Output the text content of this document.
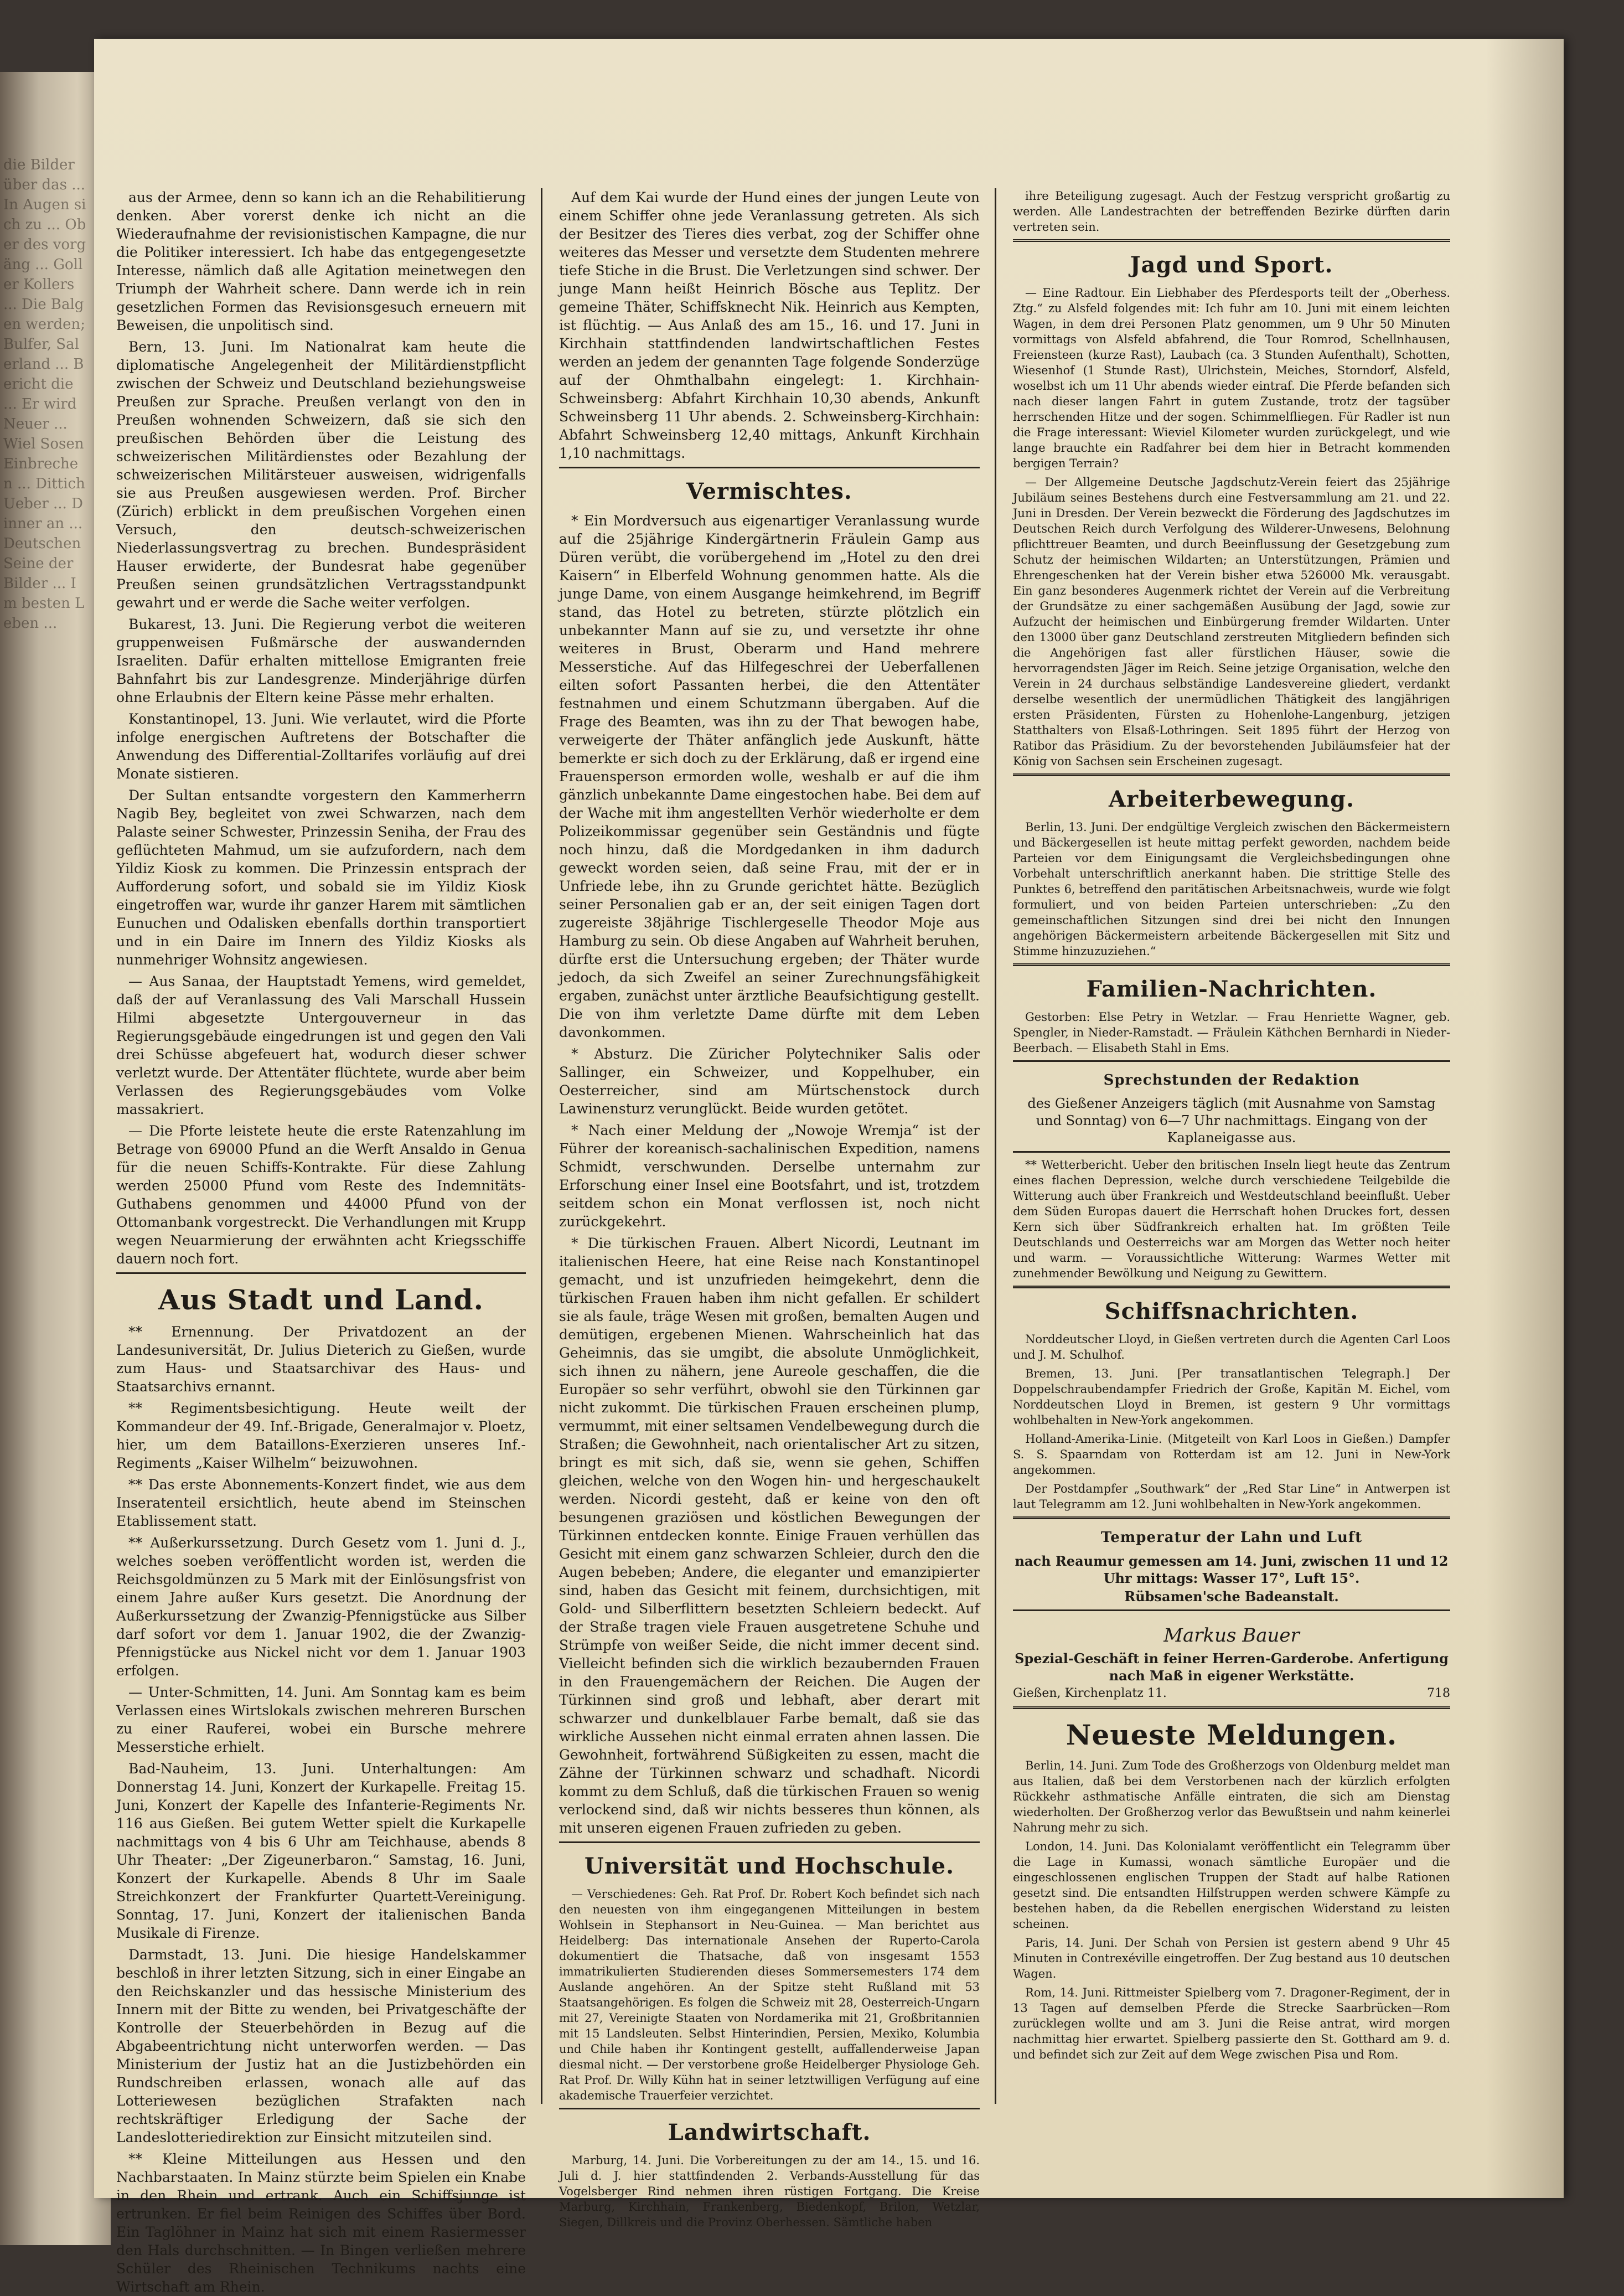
die Bilder über das ... In Augen sich zu ... Ober des vorgäng ... Goller Kollers ... Die Balgen werden; Bulfer, Salerland ... Bericht die ... Er wird Neuer ... Wiel Sosen Einbrechen ... Dittich Ueber ... Dinner an ... Deutschen Seine der Bilder ... Im besten Leben ...

aus der Armee, denn so kann ich an die Rehabilitierung denken. Aber vorerst denke ich nicht an die Wiederaufnahme der revisionistischen Kampagne, die nur die Politiker interessiert. Ich habe das entgegengesetzte Interesse, nämlich daß alle Agitation meinetwegen den Triumph der Wahrheit schere. Dann werde ich in rein gesetzlichen Formen das Revisionsgesuch erneuern mit Beweisen, die unpolitisch sind.

Bern, 13. Juni. Im Nationalrat kam heute die diplomatische Angelegenheit der Militärdienstpflicht zwischen der Schweiz und Deutschland beziehungsweise Preußen zur Sprache. Preußen verlangt von den in Preußen wohnenden Schweizern, daß sie sich den preußischen Behörden über die Leistung des schweizerischen Militärdienstes oder Bezahlung der schweizerischen Militärsteuer ausweisen, widrigenfalls sie aus Preußen ausgewiesen werden. Prof. Bircher (Zürich) erblickt in dem preußischen Vorgehen einen Versuch, den deutsch-schweizerischen Niederlassungsvertrag zu brechen. Bundespräsident Hauser erwiderte, der Bundesrat habe gegenüber Preußen seinen grundsätzlichen Vertragsstandpunkt gewahrt und er werde die Sache weiter verfolgen.

Bukarest, 13. Juni. Die Regierung verbot die weiteren gruppenweisen Fußmärsche der auswandernden Israeliten. Dafür erhalten mittellose Emigranten freie Bahnfahrt bis zur Landesgrenze. Minderjährige dürfen ohne Erlaubnis der Eltern keine Pässe mehr erhalten.

Konstantinopel, 13. Juni. Wie verlautet, wird die Pforte infolge energischen Auftretens der Botschafter die Anwendung des Differential-Zolltarifes vorläufig auf drei Monate sistieren.

Der Sultan entsandte vorgestern den Kammerherrn Nagib Bey, begleitet von zwei Schwarzen, nach dem Palaste seiner Schwester, Prinzessin Seniha, der Frau des geflüchteten Mahmud, um sie aufzufordern, nach dem Yildiz Kiosk zu kommen. Die Prinzessin entsprach der Aufforderung sofort, und sobald sie im Yildiz Kiosk eingetroffen war, wurde ihr ganzer Harem mit sämtlichen Eunuchen und Odalisken ebenfalls dorthin transportiert und in ein Daire im Innern des Yildiz Kiosks als nunmehriger Wohnsitz angewiesen.

— Aus Sanaa, der Hauptstadt Yemens, wird gemeldet, daß der auf Veranlassung des Vali Marschall Hussein Hilmi abgesetzte Untergouverneur in das Regierungsgebäude eingedrungen ist und gegen den Vali drei Schüsse abgefeuert hat, wodurch dieser schwer verletzt wurde. Der Attentäter flüchtete, wurde aber beim Verlassen des Regierungsgebäudes vom Volke massakriert.

— Die Pforte leistete heute die erste Ratenzahlung im Betrage von 69000 Pfund an die Werft Ansaldo in Genua für die neuen Schiffs-Kontrakte. Für diese Zahlung werden 25000 Pfund vom Reste des Indemnitäts-Guthabens genommen und 44000 Pfund von der Ottomanbank vorgestreckt. Die Verhandlungen mit Krupp wegen Neuarmierung der erwähnten acht Kriegsschiffe dauern noch fort.

Aus Stadt und Land.

** Ernennung. Der Privatdozent an der Landesuniversität, Dr. Julius Dieterich zu Gießen, wurde zum Haus- und Staatsarchivar des Haus- und Staatsarchivs ernannt.

** Regimentsbesichtigung. Heute weilt der Kommandeur der 49. Inf.-Brigade, Generalmajor v. Ploetz, hier, um dem Bataillons-Exerzieren unseres Inf.-Regiments „Kaiser Wilhelm“ beizuwohnen.

** Das erste Abonnements-Konzert findet, wie aus dem Inseratenteil ersichtlich, heute abend im Steinschen Etablissement statt.

** Außerkurssetzung. Durch Gesetz vom 1. Juni d. J., welches soeben veröffentlicht worden ist, werden die Reichsgoldmünzen zu 5 Mark mit der Einlösungsfrist von einem Jahre außer Kurs gesetzt. Die Anordnung der Außerkurssetzung der Zwanzig-Pfennigstücke aus Silber darf sofort vor dem 1. Januar 1902, die der Zwanzig-Pfennigstücke aus Nickel nicht vor dem 1. Januar 1903 erfolgen.

— Unter-Schmitten, 14. Juni. Am Sonntag kam es beim Verlassen eines Wirtslokals zwischen mehreren Burschen zu einer Rauferei, wobei ein Bursche mehrere Messerstiche erhielt.

Bad-Nauheim, 13. Juni. Unterhaltungen: Am Donnerstag 14. Juni, Konzert der Kurkapelle. Freitag 15. Juni, Konzert der Kapelle des Infanterie-Regiments Nr. 116 aus Gießen. Bei gutem Wetter spielt die Kurkapelle nachmittags von 4 bis 6 Uhr am Teichhause, abends 8 Uhr Theater: „Der Zigeunerbaron.“ Samstag, 16. Juni, Konzert der Kurkapelle. Abends 8 Uhr im Saale Streichkonzert der Frankfurter Quartett-Vereinigung. Sonntag, 17. Juni, Konzert der italienischen Banda Musikale di Firenze.

Darmstadt, 13. Juni. Die hiesige Handelskammer beschloß in ihrer letzten Sitzung, sich in einer Eingabe an den Reichskanzler und das hessische Ministerium des Innern mit der Bitte zu wenden, bei Privatgeschäfte der Kontrolle der Steuerbehörden in Bezug auf die Abgabeentrichtung nicht unterworfen werden. — Das Ministerium der Justiz hat an die Justizbehörden ein Rundschreiben erlassen, wonach alle auf das Lotteriewesen bezüglichen Strafakten nach rechtskräftiger Erledigung der Sache der Landeslotteriedirektion zur Einsicht mitzuteilen sind.

** Kleine Mitteilungen aus Hessen und den Nachbarstaaten. In Mainz stürzte beim Spielen ein Knabe in den Rhein und ertrank. Auch ein Schiffsjunge ist ertrunken. Er fiel beim Reinigen des Schiffes über Bord. Ein Taglöhner in Mainz hat sich mit einem Rasiermesser den Hals durchschnitten. — In Bingen verließen mehrere Schüler des Rheinischen Technikums nachts eine Wirtschaft am Rhein.

Auf dem Kai wurde der Hund eines der jungen Leute von einem Schiffer ohne jede Veranlassung getreten. Als sich der Besitzer des Tieres dies verbat, zog der Schiffer ohne weiteres das Messer und versetzte dem Studenten mehrere tiefe Stiche in die Brust. Die Verletzungen sind schwer. Der junge Mann heißt Heinrich Bösche aus Teplitz. Der gemeine Thäter, Schiffsknecht Nik. Heinrich aus Kempten, ist flüchtig. — Aus Anlaß des am 15., 16. und 17. Juni in Kirchhain stattfindenden landwirtschaftlichen Festes werden an jedem der genannten Tage folgende Sonderzüge auf der Ohmthalbahn eingelegt: 1. Kirchhain-Schweinsberg: Abfahrt Kirchhain 10,30 abends, Ankunft Schweinsberg 11 Uhr abends. 2. Schweinsberg-Kirchhain: Abfahrt Schweinsberg 12,40 mittags, Ankunft Kirchhain 1,10 nachmittags.

Vermischtes.

* Ein Mordversuch aus eigenartiger Veranlassung wurde auf die 25jährige Kindergärtnerin Fräulein Gamp aus Düren verübt, die vorübergehend im „Hotel zu den drei Kaisern“ in Elberfeld Wohnung genommen hatte. Als die junge Dame, von einem Ausgange heimkehrend, im Begriff stand, das Hotel zu betreten, stürzte plötzlich ein unbekannter Mann auf sie zu, und versetzte ihr ohne weiteres in Brust, Oberarm und Hand mehrere Messerstiche. Auf das Hilfegeschrei der Ueberfallenen eilten sofort Passanten herbei, die den Attentäter festnahmen und einem Schutzmann übergaben. Auf die Frage des Beamten, was ihn zu der That bewogen habe, verweigerte der Thäter anfänglich jede Auskunft, hätte bemerkte er sich doch zu der Erklärung, daß er irgend eine Frauensperson ermorden wolle, weshalb er auf die ihm gänzlich unbekannte Dame eingestochen habe. Bei dem auf der Wache mit ihm angestellten Verhör wiederholte er dem Polizeikommissar gegenüber sein Geständnis und fügte noch hinzu, daß die Mordgedanken in ihm dadurch geweckt worden seien, daß seine Frau, mit der er in Unfriede lebe, ihn zu Grunde gerichtet hätte. Bezüglich seiner Personalien gab er an, der seit einigen Tagen dort zugereiste 38jährige Tischlergeselle Theodor Moje aus Hamburg zu sein. Ob diese Angaben auf Wahrheit beruhen, dürfte erst die Untersuchung ergeben; der Thäter wurde jedoch, da sich Zweifel an seiner Zurechnungsfähigkeit ergaben, zunächst unter ärztliche Beaufsichtigung gestellt. Die von ihm verletzte Dame dürfte mit dem Leben davonkommen.

* Absturz. Die Züricher Polytechniker Salis oder Sallinger, ein Schweizer, und Koppelhuber, ein Oesterreicher, sind am Mürtschenstock durch Lawinensturz verunglückt. Beide wurden getötet.

* Nach einer Meldung der „Nowoje Wremja“ ist der Führer der koreanisch-sachalinischen Expedition, namens Schmidt, verschwunden. Derselbe unternahm zur Erforschung einer Insel eine Bootsfahrt, und ist, trotzdem seitdem schon ein Monat verflossen ist, noch nicht zurückgekehrt.

* Die türkischen Frauen. Albert Nicordi, Leutnant im italienischen Heere, hat eine Reise nach Konstantinopel gemacht, und ist unzufrieden heimgekehrt, denn die türkischen Frauen haben ihm nicht gefallen. Er schildert sie als faule, träge Wesen mit großen, bemalten Augen und demütigen, ergebenen Mienen. Wahrscheinlich hat das Geheimnis, das sie umgibt, die absolute Unmöglichkeit, sich ihnen zu nähern, jene Aureole geschaffen, die die Europäer so sehr verführt, obwohl sie den Türkinnen gar nicht zukommt. Die türkischen Frauen erscheinen plump, vermummt, mit einer seltsamen Vendelbewegung durch die Straßen; die Gewohnheit, nach orientalischer Art zu sitzen, bringt es mit sich, daß sie, wenn sie gehen, Schiffen gleichen, welche von den Wogen hin- und hergeschaukelt werden. Nicordi gesteht, daß er keine von den oft besungenen graziösen und köstlichen Bewegungen der Türkinnen entdecken konnte. Einige Frauen verhüllen das Gesicht mit einem ganz schwarzen Schleier, durch den die Augen bebeben; Andere, die eleganter und emanzipierter sind, haben das Gesicht mit feinem, durchsichtigen, mit Gold- und Silberflittern besetzten Schleiern bedeckt. Auf der Straße tragen viele Frauen ausgetretene Schuhe und Strümpfe von weißer Seide, die nicht immer decent sind. Vielleicht befinden sich die wirklich bezaubernden Frauen in den Frauengemächern der Reichen. Die Augen der Türkinnen sind groß und lebhaft, aber derart mit schwarzer und dunkelblauer Farbe bemalt, daß sie das wirkliche Aussehen nicht einmal erraten ahnen lassen. Die Gewohnheit, fortwährend Süßigkeiten zu essen, macht die Zähne der Türkinnen schwarz und schadhaft. Nicordi kommt zu dem Schluß, daß die türkischen Frauen so wenig verlockend sind, daß wir nichts besseres thun können, als mit unseren eigenen Frauen zufrieden zu geben.

Universität und Hochschule.

— Verschiedenes: Geh. Rat Prof. Dr. Robert Koch befindet sich nach den neuesten von ihm eingegangenen Mitteilungen in bestem Wohlsein in Stephansort in Neu-Guinea. — Man berichtet aus Heidelberg: Das internationale Ansehen der Ruperto-Carola dokumentiert die Thatsache, daß von insgesamt 1553 immatrikulierten Studierenden dieses Sommersemesters 174 dem Auslande angehören. An der Spitze steht Rußland mit 53 Staatsangehörigen. Es folgen die Schweiz mit 28, Oesterreich-Ungarn mit 27, Vereinigte Staaten von Nordamerika mit 21, Großbritannien mit 15 Landsleuten. Selbst Hinterindien, Persien, Mexiko, Kolumbia und Chile haben ihr Kontingent gestellt, auffallenderweise Japan diesmal nicht. — Der verstorbene große Heidelberger Physiologe Geh. Rat Prof. Dr. Willy Kühn hat in seiner letztwilligen Verfügung auf eine akademische Trauerfeier verzichtet.

Landwirtschaft.

Marburg, 14. Juni. Die Vorbereitungen zu der am 14., 15. und 16. Juli d. J. hier stattfindenden 2. Verbands-Ausstellung für das Vogelsberger Rind nehmen ihren rüstigen Fortgang. Die Kreise Marburg, Kirchhain, Frankenberg, Biedenkopf, Brilon, Wetzlar, Siegen, Dillkreis und die Provinz Oberhessen. Sämtliche haben

ihre Beteiligung zugesagt. Auch der Festzug verspricht großartig zu werden. Alle Landestrachten der betreffenden Bezirke dürften darin vertreten sein.

Jagd und Sport.

— Eine Radtour. Ein Liebhaber des Pferdesports teilt der „Oberhess. Ztg.“ zu Alsfeld folgendes mit: Ich fuhr am 10. Juni mit einem leichten Wagen, in dem drei Personen Platz genommen, um 9 Uhr 50 Minuten vormittags von Alsfeld abfahrend, die Tour Romrod, Schellnhausen, Freiensteen (kurze Rast), Laubach (ca. 3 Stunden Aufenthalt), Schotten, Wiesenhof (1 Stunde Rast), Ulrichstein, Meiches, Storndorf, Alsfeld, woselbst ich um 11 Uhr abends wieder eintraf. Die Pferde befanden sich nach dieser langen Fahrt in gutem Zustande, trotz der tagsüber herrschenden Hitze und der sogen. Schimmelfliegen. Für Radler ist nun die Frage interessant: Wieviel Kilometer wurden zurückgelegt, und wie lange brauchte ein Radfahrer bei dem hier in Betracht kommenden bergigen Terrain?

— Der Allgemeine Deutsche Jagdschutz-Verein feiert das 25jährige Jubiläum seines Bestehens durch eine Festversammlung am 21. und 22. Juni in Dresden. Der Verein bezweckt die Förderung des Jagdschutzes im Deutschen Reich durch Verfolgung des Wilderer-Unwesens, Belohnung pflichttreuer Beamten, und durch Beeinflussung der Gesetzgebung zum Schutz der heimischen Wildarten; an Unterstützungen, Prämien und Ehrengeschenken hat der Verein bisher etwa 526000 Mk. verausgabt. Ein ganz besonderes Augenmerk richtet der Verein auf die Verbreitung der Grundsätze zu einer sachgemäßen Ausübung der Jagd, sowie zur Aufzucht der heimischen und Einbürgerung fremder Wildarten. Unter den 13000 über ganz Deutschland zerstreuten Mitgliedern befinden sich die Angehörigen fast aller fürstlichen Häuser, sowie die hervorragendsten Jäger im Reich. Seine jetzige Organisation, welche den Verein in 24 durchaus selbständige Landesvereine gliedert, verdankt derselbe wesentlich der unermüdlichen Thätigkeit des langjährigen ersten Präsidenten, Fürsten zu Hohenlohe-Langenburg, jetzigen Statthalters von Elsaß-Lothringen. Seit 1895 führt der Herzog von Ratibor das Präsidium. Zu der bevorstehenden Jubiläumsfeier hat der König von Sachsen sein Erscheinen zugesagt.

Arbeiterbewegung.

Berlin, 13. Juni. Der endgültige Vergleich zwischen den Bäckermeistern und Bäckergesellen ist heute mittag perfekt geworden, nachdem beide Parteien vor dem Einigungsamt die Vergleichsbedingungen ohne Vorbehalt unterschriftlich anerkannt haben. Die strittige Stelle des Punktes 6, betreffend den paritätischen Arbeitsnachweis, wurde wie folgt formuliert, und von beiden Parteien unterschrieben: „Zu den gemeinschaftlichen Sitzungen sind drei bei nicht den Innungen angehörigen Bäckermeistern arbeitende Bäckergesellen mit Sitz und Stimme hinzuzuziehen.“

Familien-Nachrichten.

Gestorben: Else Petry in Wetzlar. — Frau Henriette Wagner, geb. Spengler, in Nieder-Ramstadt. — Fräulein Käthchen Bernhardi in Nieder-Beerbach. — Elisabeth Stahl in Ems.

Sprechstunden der Redaktion
des Gießener Anzeigers täglich (mit Ausnahme von Samstag und Sonntag) von 6—7 Uhr nachmittags. Eingang von der Kaplaneigasse aus.

** Wetterbericht. Ueber den britischen Inseln liegt heute das Zentrum eines flachen Depression, welche durch verschiedene Teilgebilde die Witterung auch über Frankreich und Westdeutschland beeinflußt. Ueber dem Süden Europas dauert die Herrschaft hohen Druckes fort, dessen Kern sich über Südfrankreich erhalten hat. Im größten Teile Deutschlands und Oesterreichs war am Morgen das Wetter noch heiter und warm. — Voraussichtliche Witterung: Warmes Wetter mit zunehmender Bewölkung und Neigung zu Gewittern.

Schiffsnachrichten.

Norddeutscher Lloyd, in Gießen vertreten durch die Agenten Carl Loos und J. M. Schulhof.

Bremen, 13. Juni. [Per transatlantischen Telegraph.] Der Doppelschraubendampfer Friedrich der Große, Kapitän M. Eichel, vom Norddeutschen Lloyd in Bremen, ist gestern 9 Uhr vormittags wohlbehalten in New-York angekommen.

Holland-Amerika-Linie. (Mitgeteilt von Karl Loos in Gießen.) Dampfer S. S. Spaarndam von Rotterdam ist am 12. Juni in New-York angekommen.

Der Postdampfer „Southwark“ der „Red Star Line“ in Antwerpen ist laut Telegramm am 12. Juni wohlbehalten in New-York angekommen.

Temperatur der Lahn und Luft
nach Reaumur gemessen am 14. Juni, zwischen 11 und 12 Uhr mittags: Wasser 17°, Luft 15°.
Rübsamen'sche Badeanstalt.
Markus Bauer
Spezial-Geschäft in feiner Herren-Garderobe. Anfertigung nach Maß in eigener Werkstätte.
Gießen, Kirchenplatz 11.	718
Neueste Meldungen.

Berlin, 14. Juni. Zum Tode des Großherzogs von Oldenburg meldet man aus Italien, daß bei dem Verstorbenen nach der kürzlich erfolgten Rückkehr asthmatische Anfälle eintraten, die sich am Dienstag wiederholten. Der Großherzog verlor das Bewußtsein und nahm keinerlei Nahrung mehr zu sich.

London, 14. Juni. Das Kolonialamt veröffentlicht ein Telegramm über die Lage in Kumassi, wonach sämtliche Europäer und die eingeschlossenen englischen Truppen der Stadt auf halbe Rationen gesetzt sind. Die entsandten Hilfstruppen werden schwere Kämpfe zu bestehen haben, da die Rebellen energischen Widerstand zu leisten scheinen.

Paris, 14. Juni. Der Schah von Persien ist gestern abend 9 Uhr 45 Minuten in Contrexéville eingetroffen. Der Zug bestand aus 10 deutschen Wagen.

Rom, 14. Juni. Rittmeister Spielberg vom 7. Dragoner-Regiment, der in 13 Tagen auf demselben Pferde die Strecke Saarbrücken—Rom zurücklegen wollte und am 3. Juni die Reise antrat, wird morgen nachmittag hier erwartet. Spielberg passierte den St. Gotthard am 9. d. und befindet sich zur Zeit auf dem Wege zwischen Pisa und Rom.
